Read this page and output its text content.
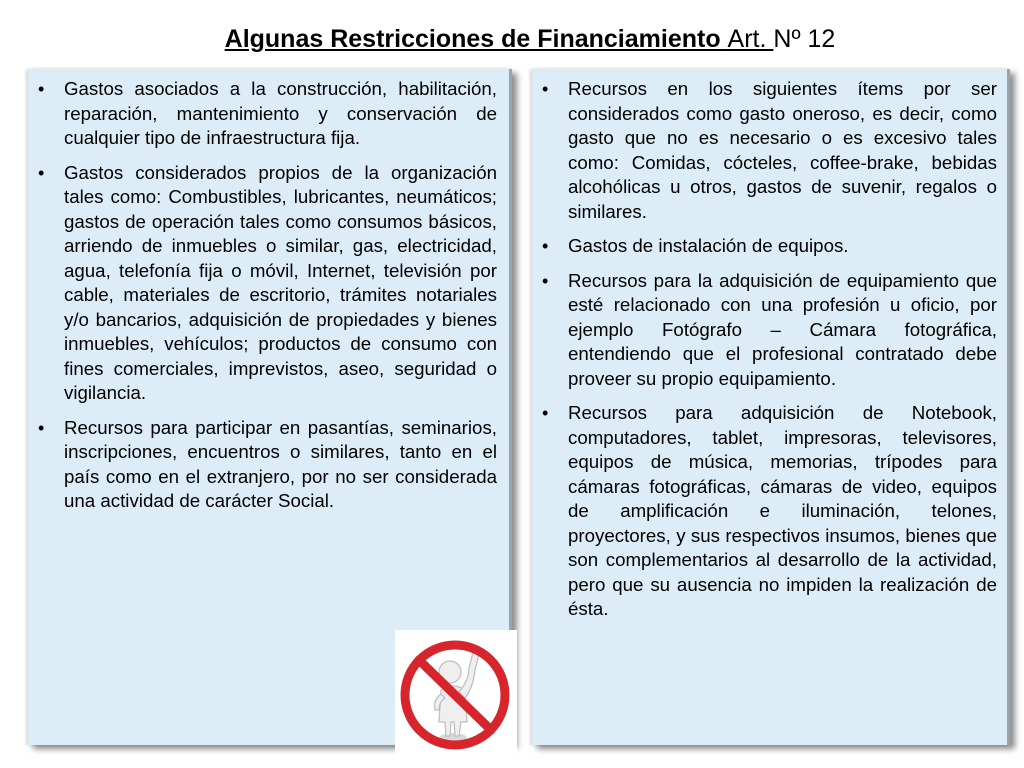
Algunas Restricciones de Financiamiento Art. Nº 12
• Gastos asociados a la construcción, habilitación, reparación, mantenimiento y conservación de cualquier tipo de infraestructura fija.
• Gastos considerados propios de la organización tales como: Combustibles, lubricantes, neumáticos; gastos de operación tales como consumos básicos, arriendo de inmuebles o similar, gas, electricidad, agua, telefonía fija o móvil, Internet, televisión por cable, materiales de escritorio, trámites notariales y/o bancarios, adquisición de propiedades y bienes inmuebles, vehículos; productos de consumo con fines comerciales, imprevistos, aseo, seguridad o vigilancia.
• Recursos para participar en pasantías, seminarios, inscripciones, encuentros o similares, tanto en el país como en el extranjero, por no ser considerada una actividad de carácter Social.
• Recursos en los siguientes ítems por ser considerados como gasto oneroso, es decir, como gasto que no es necesario o es excesivo tales como: Comidas, cócteles, coffee-brake, bebidas alcohólicas u otros, gastos de suvenir, regalos o similares.
• Gastos de instalación de equipos.
• Recursos para la adquisición de equipamiento que esté relacionado con una profesión u oficio, por ejemplo Fotógrafo – Cámara fotográfica, entendiendo que el profesional contratado debe proveer su propio equipamiento.
• Recursos para adquisición de Notebook, computadores, tablet, impresoras, televisores, equipos de música, memorias, trípodes para cámaras fotográficas, cámaras de video, equipos de amplificación e iluminación, telones, proyectores, y sus respectivos insumos, bienes que son complementarios al desarrollo de la actividad, pero que su ausencia no impiden la realización de ésta.
